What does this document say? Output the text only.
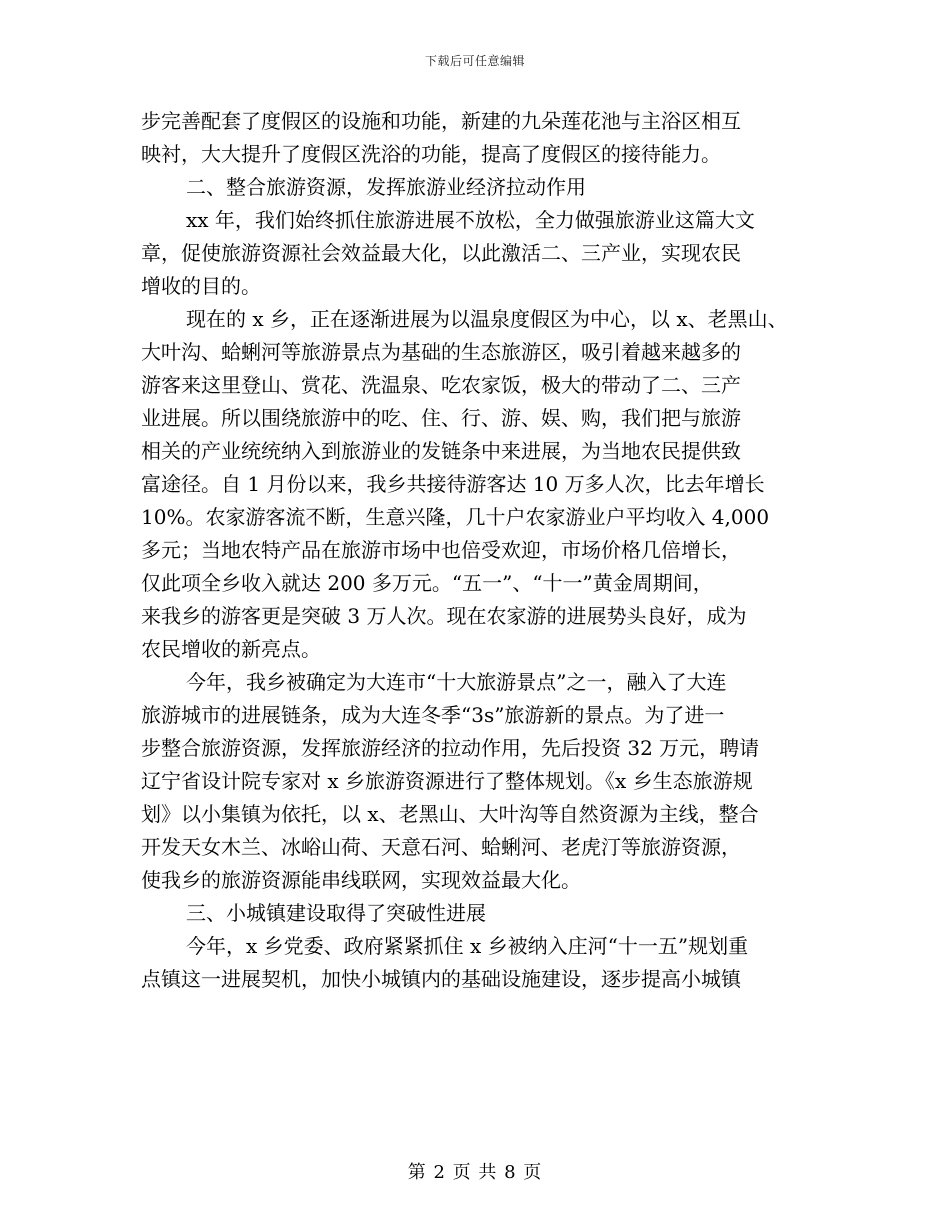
下载后可任意编辑
步完善配套了度假区的设施和功能，新建的九朵莲花池与主浴区相互
映衬，大大提升了度假区洗浴的功能，提高了度假区的接待能力。
二、整合旅游资源，发挥旅游业经济拉动作用
xx 年，我们始终抓住旅游进展不放松，全力做强旅游业这篇大文
章，促使旅游资源社会效益最大化，以此激活二、三产业，实现农民
增收的目的。
现在的 x 乡，正在逐渐进展为以温泉度假区为中心，以 x、老黑山、
大叶沟、蛤蜊河等旅游景点为基础的生态旅游区，吸引着越来越多的
游客来这里登山、赏花、洗温泉、吃农家饭，极大的带动了二、三产
业进展。所以围绕旅游中的吃、住、行、游、娱、购，我们把与旅游
相关的产业统统纳入到旅游业的发链条中来进展，为当地农民提供致
富途径。自 1 月份以来，我乡共接待游客达 10 万多人次，比去年增长
10%。农家游客流不断，生意兴隆，几十户农家游业户平均收入 4,000
多元；当地农特产品在旅游市场中也倍受欢迎，市场价格几倍增长，
仅此项全乡收入就达 200 多万元。“五一”、“十一”黄金周期间，
来我乡的游客更是突破 3 万人次。现在农家游的进展势头良好，成为
农民增收的新亮点。
今年，我乡被确定为大连市“十大旅游景点”之一，融入了大连
旅游城市的进展链条，成为大连冬季“3s”旅游新的景点。为了进一
步整合旅游资源，发挥旅游经济的拉动作用，先后投资 32 万元，聘请
辽宁省设计院专家对 x 乡旅游资源进行了整体规划。《x 乡生态旅游规
划》以小集镇为依托，以 x、老黑山、大叶沟等自然资源为主线，整合
开发天女木兰、冰峪山荷、天意石河、蛤蜊河、老虎汀等旅游资源，
使我乡的旅游资源能串线联网，实现效益最大化。
三、小城镇建设取得了突破性进展
今年，x 乡党委、政府紧紧抓住 x 乡被纳入庄河“十一五”规划重
点镇这一进展契机，加快小城镇内的基础设施建设，逐步提高小城镇
第 2 页 共 8 页
